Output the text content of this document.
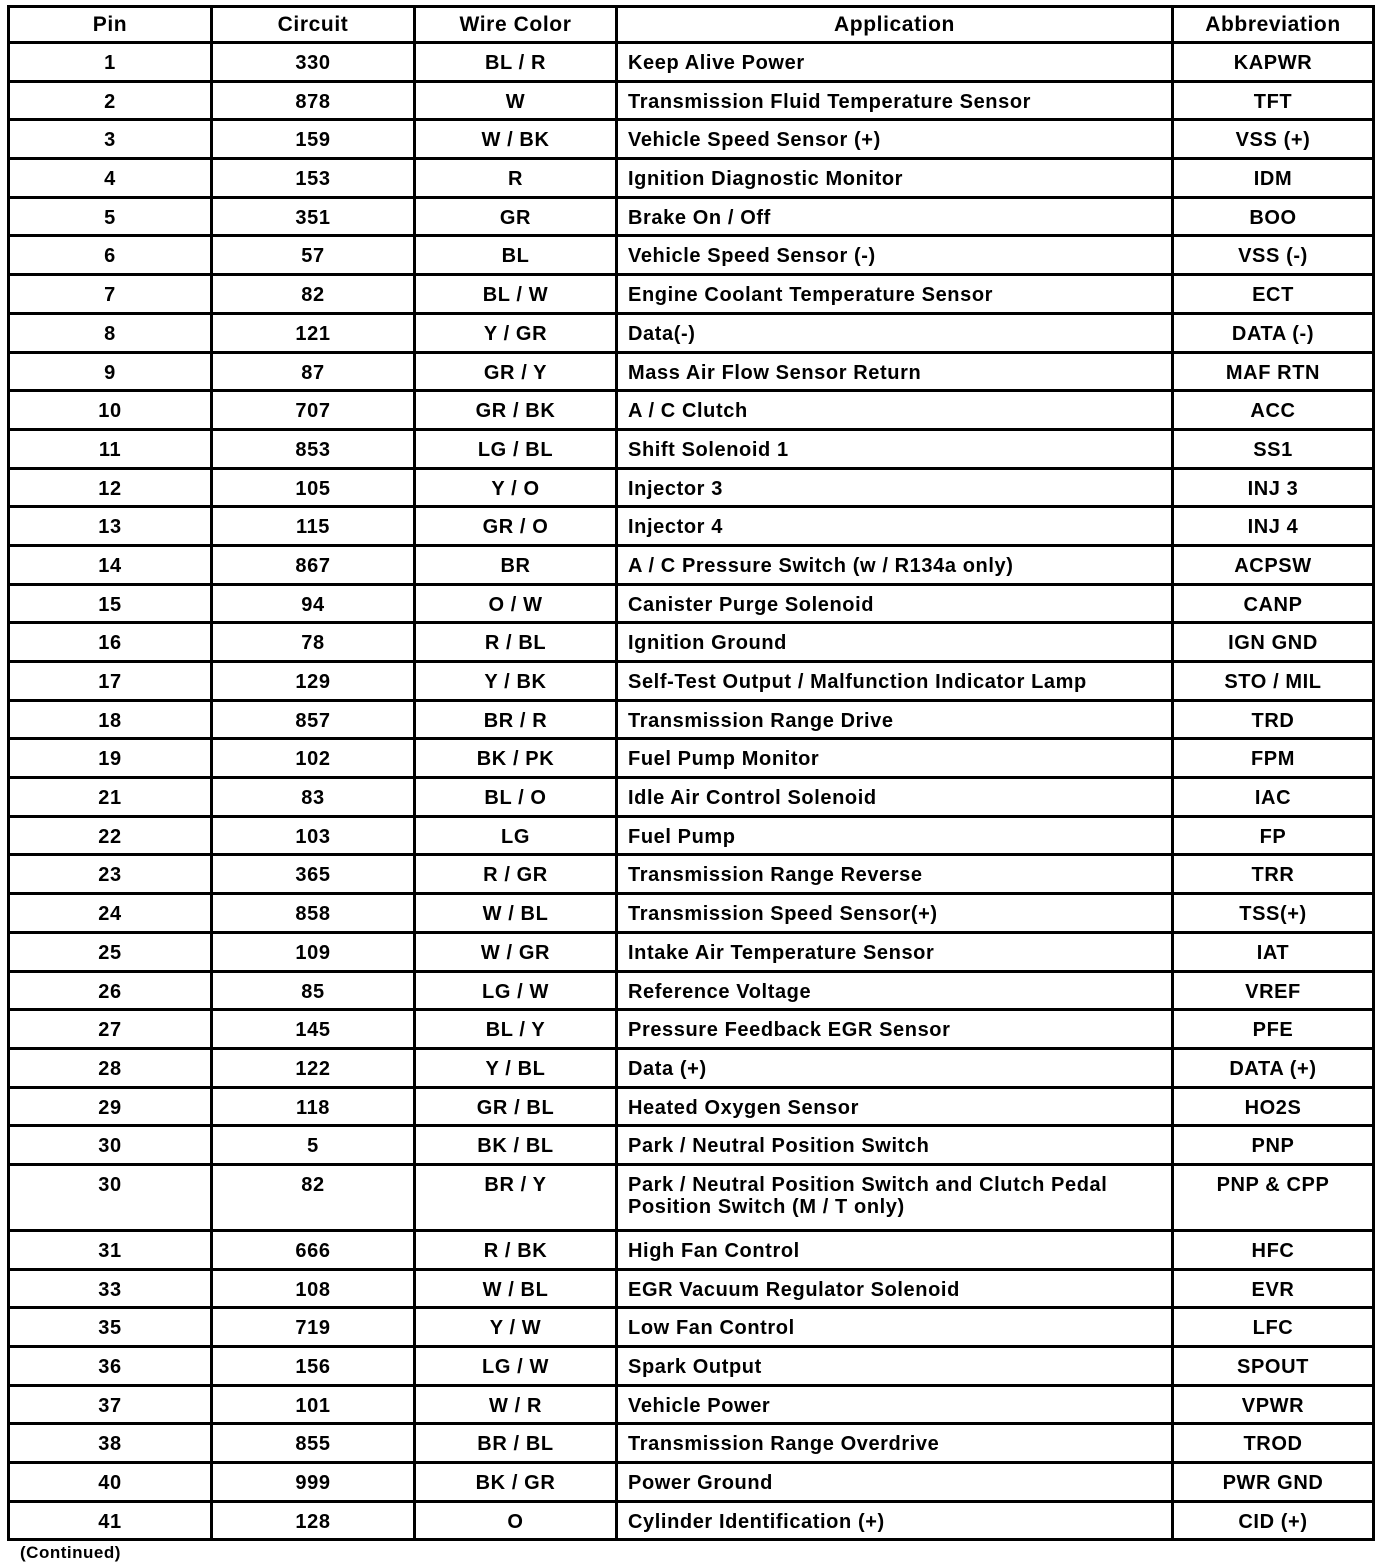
Pin	Circuit	Wire Color	Application	Abbreviation
1	330	BL / R	Keep Alive Power	KAPWR
2	878	W	Transmission Fluid Temperature Sensor	TFT
3	159	W / BK	Vehicle Speed Sensor (+)	VSS (+)
4	153	R	Ignition Diagnostic Monitor	IDM
5	351	GR	Brake On / Off	BOO
6	57	BL	Vehicle Speed Sensor (-)	VSS (-)
7	82	BL / W	Engine Coolant Temperature Sensor	ECT
8	121	Y / GR	Data(-)	DATA (-)
9	87	GR / Y	Mass Air Flow Sensor Return	MAF RTN
10	707	GR / BK	A / C Clutch	ACC
11	853	LG / BL	Shift Solenoid 1	SS1
12	105	Y / O	Injector 3	INJ 3
13	115	GR / O	Injector 4	INJ 4
14	867	BR	A / C Pressure Switch (w / R134a only)	ACPSW
15	94	O / W	Canister Purge Solenoid	CANP
16	78	R / BL	Ignition Ground	IGN GND
17	129	Y / BK	Self-Test Output / Malfunction Indicator Lamp	STO / MIL
18	857	BR / R	Transmission Range Drive	TRD
19	102	BK / PK	Fuel Pump Monitor	FPM
21	83	BL / O	Idle Air Control Solenoid	IAC
22	103	LG	Fuel Pump	FP
23	365	R / GR	Transmission Range Reverse	TRR
24	858	W / BL	Transmission Speed Sensor(+)	TSS(+)
25	109	W / GR	Intake Air Temperature Sensor	IAT
26	85	LG / W	Reference Voltage	VREF
27	145	BL / Y	Pressure Feedback EGR Sensor	PFE
28	122	Y / BL	Data (+)	DATA (+)
29	118	GR / BL	Heated Oxygen Sensor	HO2S
30	5	BK / BL	Park / Neutral Position Switch	PNP
30	82	BR / Y	Park / Neutral Position Switch and Clutch Pedal Position Switch (M / T only)	PNP & CPP
31	666	R / BK	High Fan Control	HFC
33	108	W / BL	EGR Vacuum Regulator Solenoid	EVR
35	719	Y / W	Low Fan Control	LFC
36	156	LG / W	Spark Output	SPOUT
37	101	W / R	Vehicle Power	VPWR
38	855	BR / BL	Transmission Range Overdrive	TROD
40	999	BK / GR	Power Ground	PWR GND
41	128	O	Cylinder Identification (+)	CID (+)
(Continued)
